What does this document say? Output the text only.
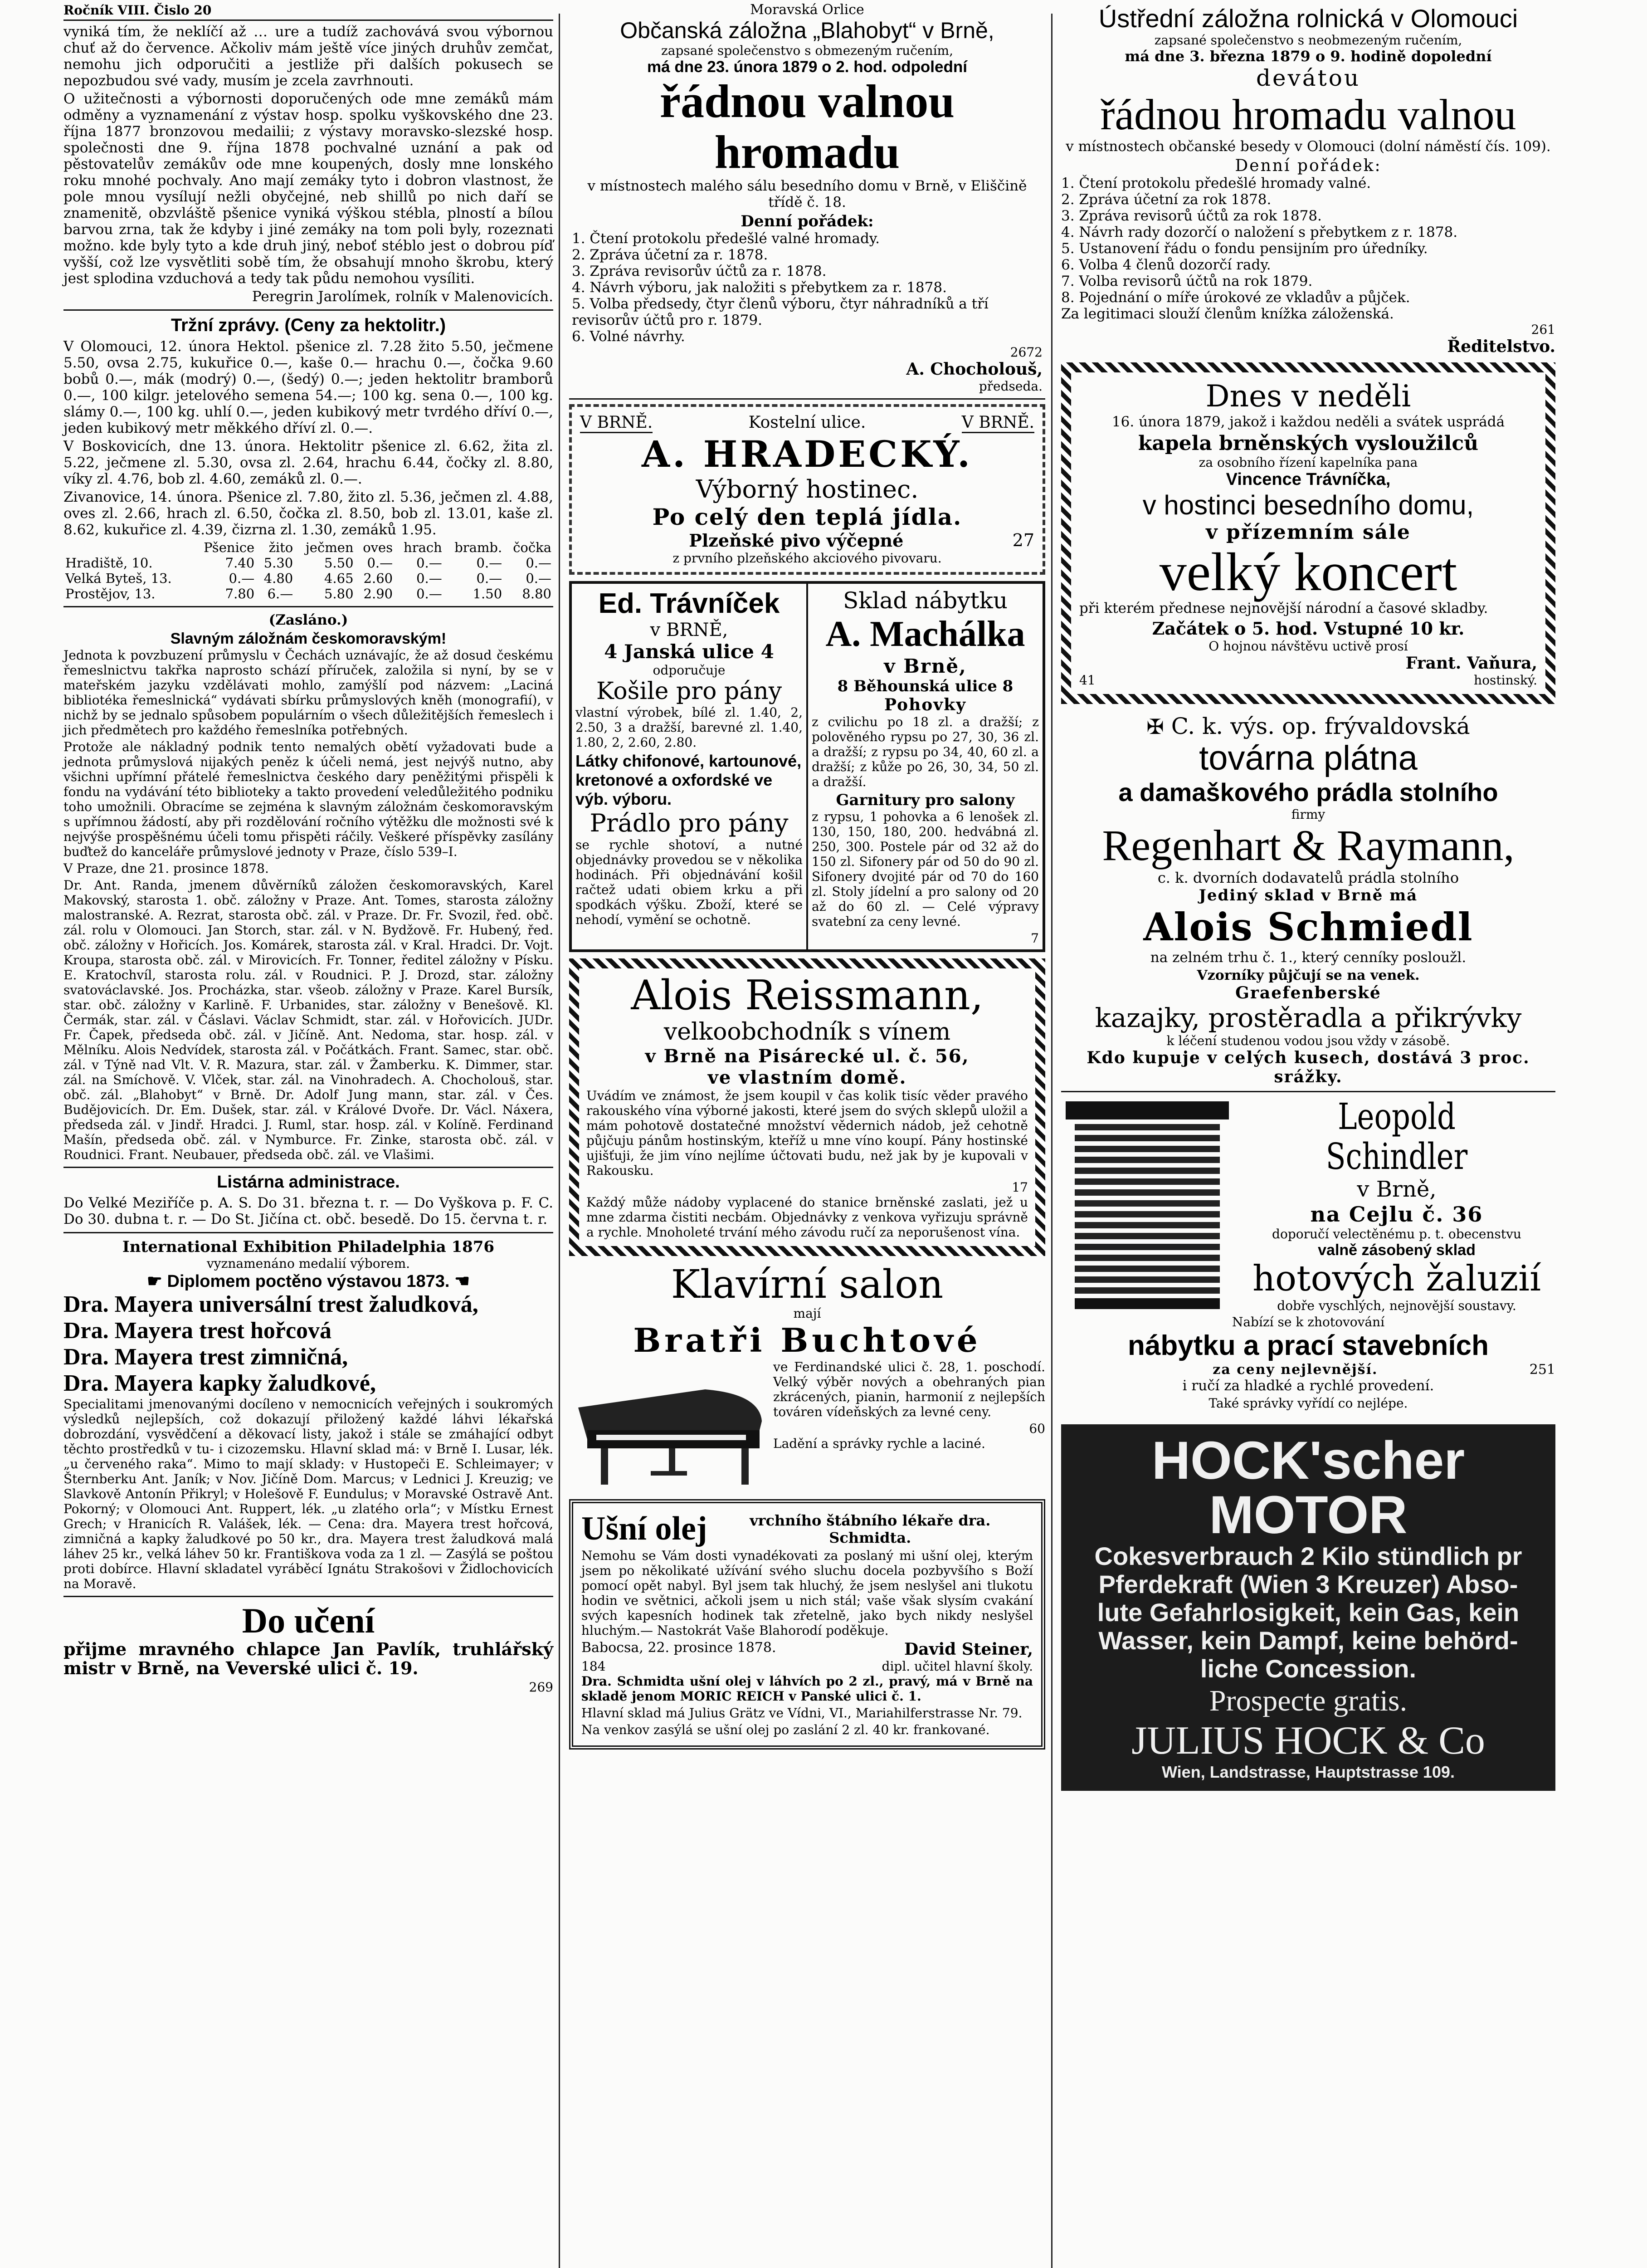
Ročník VIII. Čislo 20

vyniká tím, že neklíčí až … ure a tudíž zachovává svou výbornou chuť až do července. Ačkoliv mám ještě více jiných druhův zemčat, nemohu jich odporučiti a jestliže při dalších pokusech se nepozbudou své vady, musím je zcela zavrhnouti.

O užitečnosti a výbornosti doporučených ode mne zemáků mám odměny a vyznamenání z výstav hosp. spolku vyškovského dne 23. října 1877 bronzovou medailii; z výstavy moravsko-slezské hosp. společnosti dne 9. října 1878 pochvalné uznání a pak od pěstovatelův zemákův ode mne koupených, dosly mne lonského roku mnohé pochvaly. Ano mají zemáky tyto i dobron vlastnost, že pole mnou vysílují nežli obyčejné, neb shillů po nich daří se znamenitě, obzvláště pšenice vyniká výškou stébla, plností a bílou barvou zrna, tak že kdyby i jiné zemáky na tom poli byly, rozeznati možno. kde byly tyto a kde druh jiný, neboť stéblo jest o dobrou píď vyšší, což lze vysvětliti sobě tím, že obsahují mnoho škrobu, který jest splodina vzduchová a tedy tak půdu nemohou vysíliti.

Peregrin Jarolímek, rolník v Malenovicích.

Tržní zprávy. (Ceny za hektolitr.)

V Olomouci, 12. února Hektol. pšenice zl. 7.28 žito 5.50, ječmene 5.50, ovsa 2.75, kukuřice 0.—, kaše 0.— hrachu 0.—, čočka 9.60 bobů 0.—, mák (modrý) 0.—, (šedý) 0.—; jeden hektolitr bramborů 0.—, 100 kilgr. jetelového semena 54.—; 100 kg. sena 0.—, 100 kg. slámy 0.—, 100 kg. uhlí 0.—, jeden kubikový metr tvrdého dříví 0.—, jeden kubikový metr měkkého dříví zl. 0.—.

V Boskovicích, dne 13. února. Hektolitr pšenice zl. 6.62, žita zl. 5.22, ječmene zl. 5.30, ovsa zl. 2.64, hrachu 6.44, čočky zl. 8.80, víky zl. 4.76, bob zl. 4.60, zemáků zl. 0.—.

Zivanovice, 14. února. Pšenice zl. 7.80, žito zl. 5.36, ječmen zl. 4.88, oves zl. 2.66, hrach zl. 6.50, čočka zl. 8.50, bob zl. 13.01, kaše zl. 8.62, kukuřice zl. 4.39, čizrna zl. 1.30, zemáků 1.95.

	Pšenice	žito	ječmen	oves	hrach	bramb.	čočka
Hradiště, 10.	7.40	5.30	5.50	0.—	0.—	0.—	0.—
Velká Byteš, 13.	0.—	4.80	4.65	2.60	0.—	0.—	0.—
Prostějov, 13.	7.80	6.—	5.80	2.90	0.—	1.50	8.80
(Zasláno.)
Slavným záložnám českomoravským!

Jednota k povzbuzení průmyslu v Čechách uznávajíc, že až dosud českému řemeslnictvu takřka naprosto schází příruček, založila si nyní, by se v mateřském jazyku vzdělávati mohlo, zamýšlí pod názvem: „Laciná bibliotéka řemeslnická“ vydávati sbírku průmyslových kněh (monografií), v nichž by se jednalo spůsobem populárním o všech důležitějších řemeslech i jich předmětech pro každého řemeslníka potřebných.

Protože ale nákladný podnik tento nemalých obětí vyžadovati bude a jednota průmyslová nijakých peněz k účeli nemá, jest nejvýš nutno, aby všichni upřímní přátelé řemeslnictva českého dary peněžitými přispěli k fondu na vydávání této biblioteky a takto provedení veledůležitého podniku toho umožnili. Obracíme se zejména k slavným záložnám českomoravským s upřímnou žádostí, aby při rozdělování ročního výtěžku dle možnosti své k nejvýše prospěšnému účeli tomu přispěti ráčily. Veškeré příspěvky zasílány buďtež do kanceláře průmyslové jednoty v Praze, číslo 539–I.

V Praze, dne 21. prosince 1878.

Dr. Ant. Randa, jmenem důvěrníků záložen českomoravských, Karel Makovský, starosta 1. obč. záložny v Praze. Ant. Tomes, starosta záložny malostranské. A. Rezrat, starosta obč. zál. v Praze. Dr. Fr. Svozil, řed. obč. zál. rolu v Olomouci. Jan Storch, star. zál. v N. Bydžově. Fr. Hubený, řed. obč. záložny v Hořicích. Jos. Komárek, starosta zál. v Kral. Hradci. Dr. Vojt. Kroupa, starosta obč. zál. v Mirovicích. Fr. Tonner, ředitel záložny v Písku. E. Kratochvíl, starosta rolu. zál. v Roudnici. P. J. Drozd, star. záložny svatováclavské. Jos. Procházka, star. všeob. záložny v Praze. Karel Bursík, star. obč. záložny v Karlině. F. Urbanides, star. záložny v Benešově. Kl. Čermák, star. zál. v Čáslavi. Václav Schmidt, star. zál. v Hořovicích. JUDr. Fr. Čapek, předseda obč. zál. v Jičíně. Ant. Nedoma, star. hosp. zál. v Mělníku. Alois Nedvídek, starosta zál. v Počátkách. Frant. Samec, star. obč. zál. v Týně nad Vlt. V. R. Mazura, star. zál. v Žamberku. K. Dimmer, star. zál. na Smíchově. V. Vlček, star. zál. na Vinohradech. A. Chocholouš, star. obč. zál. „Blahobyt“ v Brně. Dr. Adolf Jung mann, star. zál. v Čes. Budějovicích. Dr. Em. Dušek, star. zál. v Králové Dvoře. Dr. Václ. Náxera, předseda zál. v Jindř. Hradci. J. Ruml, star. hosp. zál. v Kolíně. Ferdinand Mašín, předseda obč. zál. v Nymburce. Fr. Zinke, starosta obč. zál. v Roudnici. Frant. Neubauer, předseda obč. zál. ve Vlašimi.

Listárna administrace.

Do Velké Meziříče p. A. S. Do 31. března t. r. — Do Vyškova p. F. C. Do 30. dubna t. r. — Do St. Jičína ct. obč. besedě. Do 15. června t. r.

International Exhibition Philadelphia 1876
vyznamenáno medalií výborem.
☛ Diplomem poctěno výstavou 1873. ☚
Dra. Mayera universální trest žaludková,
Dra. Mayera trest hořcová
Dra. Mayera trest zimničná,
Dra. Mayera kapky žaludkové,

Specialitami jmenovanými docíleno v nemocnicích veřejných i soukromých výsledků nejlepších, což dokazují přiložený každé láhvi lékařská dobrozdání, vysvědčení a děkovací listy, jakož i stále se zmáhající odbyt těchto prostředků v tu- i cizozemsku. Hlavní sklad má: v Brně I. Lusar, lék. „u červeného raka“. Mimo to mají sklady: v Hustopeči E. Schleimayer; v Šternberku Ant. Janík; v Nov. Jičíně Dom. Marcus; v Lednici J. Kreuzig; ve Slavkově Antonín Přikryl; v Holešově F. Eundulus; v Moravské Ostravě Ant. Pokorný; v Olomouci Ant. Ruppert, lék. „u zlatého orla“; v Místku Ernest Grech; v Hranicích R. Valášek, lék. — Cena: dra. Mayera trest hořcová, zimničná a kapky žaludkové po 50 kr., dra. Mayera trest žaludková malá láhev 25 kr., velká láhev 50 kr. Františkova voda za 1 zl. — Zasýlá se poštou proti dobírce. Hlavní skladatel vyráběcí Ignátu Strakošovi v Židlochovicích na Moravě.

Do učení

přijme mravného chlapce Jan Pavlík, truhlářský mistr v Brně, na Veverské ulici č. 19.

269
Moravská Orlice
Občanská záložna „Blahobyt“ v Brně,
zapsané společenstvo s obmezeným ručením,
má dne 23. února 1879 o 2. hod. odpolední
řádnou valnou hromadu
v místnostech malého sálu besedního domu v Brně, v Eliščině třídě č. 18.
Denní pořádek:

1. Čtení protokolu předešlé valné hromady.

2. Zpráva účetní za r. 1878.

3. Zpráva revisorův účtů za r. 1878.

4. Návrh výboru, jak naložiti s přebytkem za r. 1878.

5. Volba předsedy, čtyr členů výboru, čtyr náhradníků a tří revisorův účtů pro r. 1879.

6. Volné návrhy.

2672
A. Chocholouš,
předseda.
V BRNĚ.	Kostelní ulice.	V BRNĚ.
A. HRADECKÝ.
Výborný hostinec.
Po celý den teplá jídla.
Plzeňské pivo výčepné	27
z prvního plzeňského akciového pivovaru.
Ed. Trávníček
v BRNĚ,
4 Janská ulice 4
odporučuje
Košile pro pány

vlastní výrobek, bílé zl. 1.40, 2, 2.50, 3 a dražší, barevné zl. 1.40, 1.80, 2, 2.60, 2.80.

Látky chifonové, kartounové, kretonové a oxfordské ve výb. výboru.
Prádlo pro pány

se rychle shotoví, a nutné objednávky provedou se v několika hodinách. Při objednávání košil račtež udati obiem krku a při spodkách výšku. Zboží, které se nehodí, vymění se ochotně.

Sklad nábytku
A. Machálka
v Brně,
8 Běhounská ulice 8
Pohovky

z cvilichu po 18 zl. a dražší; z polověného rypsu po 27, 30, 36 zl. a dražší; z rypsu po 34, 40, 60 zl. a dražší; z kůže po 26, 30, 34, 50 zl. a dražší.

Garnitury pro salony

z rypsu, 1 pohovka a 6 lenošek zl. 130, 150, 180, 200. hedvábná zl. 250, 300. Postele pár od 32 až do 150 zl. Sifonery pár od 50 do 90 zl. Sifonery dvojité pár od 70 do 160 zl. Stoly jídelní a pro salony od 20 až do 60 zl. — Celé výpravy svatební za ceny levné.

7
Alois Reissmann,
velkoobchodník s vínem
v Brně na Pisárecké ul. č. 56,
ve vlastním domě.

Uvádím ve známost, že jsem koupil v čas kolik tisíc věder pravého rakouského vína výborné jakosti, které jsem do svých sklepů uložil a mám pohotově dostatečné množství vědernich nádob, jež cehotně půjčuju pánům hostinským, kteříž u mne víno koupí. Pány hostinské ujišťuji, že jim víno nejlíme účtovati budu, než jak by je kupovali v Rakousku.

17

Každý může nádoby vyplacené do stanice brněnské zaslati, jež u mne zdarma čistiti necbám. Objednávky z venkova vyřizuju správně a rychle. Mnoholeté trvání mého závodu ručí za neporušenost vína.

Klavírní salon
mají
Bratři Buchtové

ve Ferdinandské ulici č. 28, 1. poschodí. Velký výběr nových a obehraných pian zkrácených, pianin, harmonií z nejlepších továren vídeňských za levné ceny.

60
Ladění a správky rychle a laciné.
Ušní olej	vrchního štábního lékaře dra. Schmidta.

Nemohu se Vám dosti vynadékovati za poslaný mi ušní olej, kterým jsem po několikaté užívání svého sluchu docela pozbyvšího s Boží pomocí opět nabyl. Byl jsem tak hluchý, že jsem neslyšel ani tlukotu hodin ve světnici, ačkoli jsem u nich stál; vaše však slysím cvakání svých kapesních hodinek tak zřetelně, jako bych nikdy neslyšel hluchým.— Nastokrát Vaše Blahorodí poděkuje.

Babocsa, 22. prosince 1878.	David Steiner,
184	dipl. učitel hlavní školy.

Dra. Schmidta ušní olej v láhvích po 2 zl., pravý, má v Brně na skladě jenom MORIC REICH v Panské ulici č. 1.

Hlavní sklad má Julius Grätz ve Vídni, VI., Mariahilferstrasse Nr. 79.

Na venkov zasýlá se ušní olej po zaslání 2 zl. 40 kr. frankované.

Ústřední záložna rolnická v Olomouci
zapsané společenstvo s neobmezeným ručením,
má dne 3. března 1879 o 9. hodině dopolední
devátou
řádnou hromadu valnou
v místnostech občanské besedy v Olomouci (dolní náměstí čís. 109).
Denní pořádek:

1. Čtení protokolu předešlé hromady valné.

2. Zpráva účetní za rok 1878.

3. Zpráva revisorů účtů za rok 1878.

4. Návrh rady dozorčí o naložení s přebytkem z r. 1878.

5. Ustanovení řádu o fondu pensijním pro úředníky.

6. Volba 4 členů dozorčí rady.

7. Volba revisorů účtů na rok 1879.

8. Pojednání o míře úrokové ze vkladův a půjček.

Za legitimaci slouží členům knížka záloženská.

261
Ředitelstvo.
Dnes v neděli
16. února 1879, jakož i každou neděli a svátek usprádá
kapela brněnských vysloužilců
za osobního řízení kapelníka pana
Vincence Trávníčka,
v hostinci besedního domu,
v přízemním sále
velký koncert
při kterém přednese nejnovější národní a časové skladby.
Začátek o 5. hod. Vstupné 10 kr.
O hojnou návštěvu uctivě prosí
Frant. Vaňura,
41	hostinský.
✠ C. k. výs. op. frývaldovská
továrna plátna
a damaškového prádla stolního
firmy
Regenhart & Raymann,
c. k. dvorních dodavatelů prádla stolního
Jediný sklad v Brně má
Alois Schmiedl
na zelném trhu č. 1., který cenníky posloužl.
Vzorníky půjčují se na venek.
Graefenberské
kazajky, prostěradla a přikrývky
k léčení studenou vodou jsou vždy v zásobě.
Kdo kupuje v celých kusech, dostává 3 proc. srážky.
Leopold Schindler
v Brně,
na Cejlu č. 36
doporučí velectěnému p. t. obecenstvu
valně zásobený sklad
hotových žaluzií
dobře vyschlých, nejnovější soustavy.
Nabízí se k zhotovování
nábytku a prací stavebních
za ceny nejlevnější.	251
i ručí za hladké a rychlé provedení.
Také správky vyřídí co nejlépe.
HOCK'scher MOTOR
Cokesverbrauch 2 Kilo stündlich pr
Pferdekraft (Wien 3 Kreuzer) Abso-
lute Gefahrlosigkeit, kein Gas, kein
Wasser, kein Dampf, keine behörd-
liche Concession.
Prospecte gratis.
JULIUS HOCK & Co
Wien, Landstrasse, Hauptstrasse 109.
